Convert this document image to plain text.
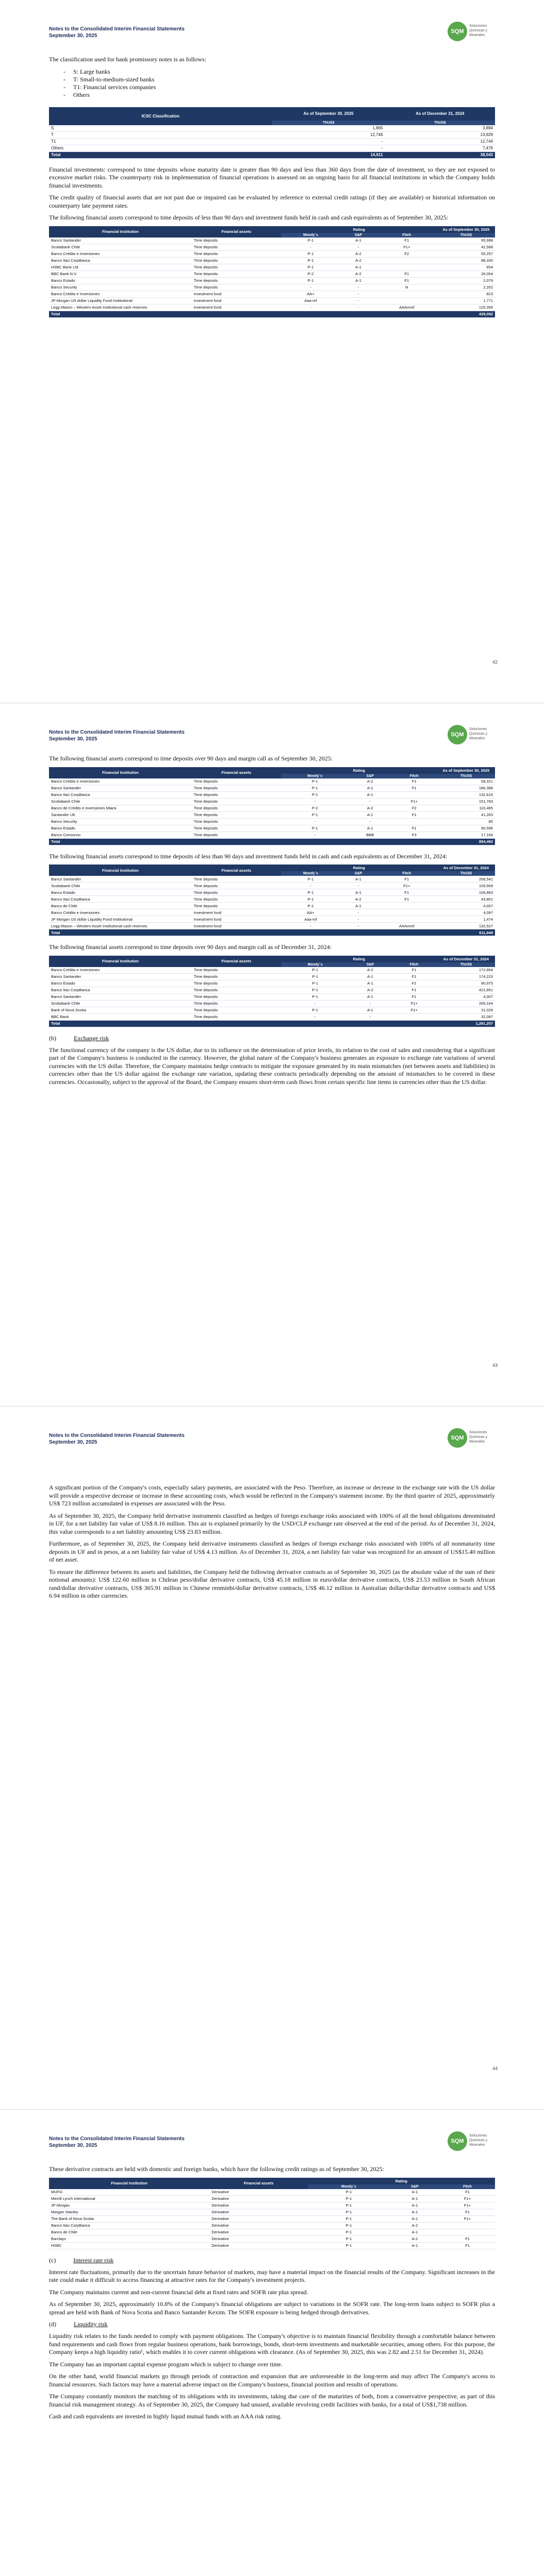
Notes to the Consolidated Interim Financial Statements
September 30, 2025
SQM
Soluciones Químicas y Minerales

The classification used for bank promissory notes is as follows:

- S: Large banks
- T: Small-to-medium-sized banks
- T1: Financial services companies
- Others
ICSC Classification	As of September 30, 2025	As of December 31, 2024
	ThUS$	ThUS$
S	1,865	3,894
T	12,746	13,929
T1	-	12,744
Others	-	7,476
Total	14,611	38,043

Financial investments: correspond to time deposits whose maturity date is greater than 90 days and less than 360 days from the date of investment, so they are not exposed to excessive market risks. The counterparty risk in implementation of financial operations is assessed on an ongoing basis for all financial institutions in which the Company holds financial investments.

The credit quality of financial assets that are not past due or impaired can be evaluated by reference to external credit ratings (if they are available) or historical information on counterparty late payment rates.

The following financial assets correspond to time deposits of less than 90 days and investment funds held in cash and cash equivalents as of September 30, 2025:

Financial Institution	Financial assets	Rating			As of September 30, 2025
		Moody´s	S&P	Fitch	ThUS$
Banco Santander	Time deposits	P-1	A-1	F1	95,998
Scotiabank Chile	Time deposits	-	-	F1+	42,568
Banco Crédito e Inversiones	Time deposits	P-1	A-2	F2	55,257
Banco Itaú CorpBanca	Time deposits	P-1	A-2		88,330
HSBC Bank Ltd.	Time deposits	P-1	A-1		654
BBC Bank N.V.	Time deposits	P-2	A-2	F1	26,054
Banco Estado	Time deposits	P-1	A-1	F1	2,079
Banco Security	Time deposits	-	-	N	2,202
Banco Crédito e Inversiones	Investment fund	AA+	-		823
JP Morgan US dollar Liquidity Fund Institutional	Investment fund	Aaa-mf	-		1,771
Legg Mason – Western Asset Institutional cash reserves	Investment fund	-	-	AAAmmf	125,356
Total					439,092
42
Notes to the Consolidated Interim Financial Statements
September 30, 2025
SQM
Soluciones Químicas y Minerales

The following financial assets correspond to time deposits over 90 days and margin call as of September 30, 2025:

Financial Institution	Financial assets	Rating			As of September 30, 2025
		Moody´s	S&P	Fitch	ThUS$
Banco Crédito e Inversiones	Time deposits	P-1	A-2	F1	58,321
Banco Santander	Time deposits	P-1	A-1	F1	186,388
Banco Itaú CorpBanca	Time deposits	P-1	A-1		132,616
Scotiabank Chile	Time deposits	-	-	F1+	151,783
Banco de Crédito e Inversiones Miami	Time deposits	P-2	A-2	F2	110,465
Santander UK	Time deposits	P-1	A-1	F1	41,263
Banco Security	Time deposits	-	-		80
Banco Estado	Time deposits	P-1	A-1	F1	90,596
Banco Consorcio	Time deposits	-	BBB	F3	17,164
Total					894,492

The following financial assets correspond to time deposits of less than 90 days and investment funds held in cash and cash equivalents as of December 31, 2024:

Financial Institution	Financial assets	Rating			As of December 31, 2024
		Moody´s	S&P	Fitch	ThUS$
Banco Santander	Time deposits	P-1	A-1	F1	206,541
Scotiabank Chile	Time deposits	-	-	F1+	109,569
Banco Estado	Time deposits	P-1	A-1	F1	109,883
Banco Itaú CorpBanca	Time deposits	P-1	A-2	F1	43,851
Banco de Chile	Time deposits	P-1	A-1		4,007
Banco Crédito e Inversiones	Investment fund	AA+	-		4,097
JP Morgan US dollar Liquidity Fund Institutional	Investment fund	Aaa-mf	-		1,474
Legg Mason – Western Asset Institutional cash reserves	Investment fund	-	-	AAAmmf	132,527
Total					611,949

The following financial assets correspond to time deposits over 90 days and margin call as of December 31, 2024:

Financial Institution	Financial assets	Rating			As of December 31, 2024
		Moody´s	S&P	Fitch	ThUS$
Banco Crédito e Inversiones	Time deposits	P-1	A-2	F1	172,664
Banco Santander	Time deposits	P-1	A-1	F1	174,223
Banco Estado	Time deposits	P-1	A-1	F2	90,975
Banco Itaú CorpBanca	Time deposits	P-1	A-2	F1	421,851
Banco Santander	Time deposits	P-1	A-1	F1	4,007
Scotiabank Chile	Time deposits	-	-	F1+	269,164
Bank of Nova Scotia	Time deposits	P-1	A-1	F1+	31,029
BBC Bank	Time deposits	-	-		32,087
Total					1,291,257
(b)	Exchange risk

The functional currency of the company is the US dollar, due to its influence on the determination of price levels, its relation to the cost of sales and considering that a significant part of the Company's business is conducted in the currency. However, the global nature of the Company's business generates an exposure to exchange rate variations of several currencies with the US dollar. Therefore, the Company maintains hedge contracts to mitigate the exposure generated by its main mismatches (net between assets and liabilities) in currencies other than the US dollar against the exchange rate variation, updating these contracts periodically depending on the amount of mismatches to be covered in these currencies. Occasionally, subject to the approval of the Board, the Company ensures short-term cash flows from certain specific line items in currencies other than the US dollar.

43
Notes to the Consolidated Interim Financial Statements
September 30, 2025
SQM
Soluciones Químicas y Minerales

A significant portion of the Company's costs, especially salary payments, are associated with the Peso. Therefore, an increase or decrease in the exchange rate with the US dollar will provide a respective decrease or increase in these accounting costs, which would be reflected in the Company's statement income. By the third quarter of 2025, approximately US$ 723 million accumulated in expenses are associated with the Peso.

As of September 30, 2025, the Company held derivative instruments classified as hedges of foreign exchange risks associated with 100% of all the bond obligations denominated in UF, for a net liability fair value of US$ 8.16 million. This air is explained primarily by the USD/CLP exchange rate observed at the end of the period. As of December 31, 2024, this value corresponds to a net liability amounting US$ 23.83 million.

Furthermore, as of September 30, 2025, the Company held derivative instruments classified as hedges of foreign exchange risks associated with 100% of all nonmaturity time deposits in UF and in pesos, at a net liability fair value of US$ 4.13 million. As of December 31, 2024, a net liability fair value was recognized for an amount of US$15.40 million of net asset.

To ensure the difference between its assets and liabilities, the Company held the following derivative contracts as of September 30, 2025 (as the absolute value of the sum of their notional amounts): US$ 122.60 million in Chilean peso/dollar derivative contracts, US$ 45.18 million in euro/dollar derivative contracts, US$ 23.53 million in South African rand/dollar derivative contracts, US$ 365.91 million in Chinese renminbi/dollar derivative contracts, US$ 46.12 million in Australian dollar/dollar derivative contracts and US$ 6.94 million in other currencies.

44
Notes to the Consolidated Interim Financial Statements
September 30, 2025
SQM
Soluciones Químicas y Minerales

These derivative contracts are held with domestic and foreign banks, which have the following credit ratings as of September 30, 2025:

Financial Institution	Financial assets	Rating		
		Moody´s	S&P	Fitch
MUFG	Derivative	P-1	A-1	F1
Merrill Lynch International	Derivative	P-1	A-1	F1+
JP Morgan	Derivative	P-1	A-1	F1+
Morgan Stanley	Derivative	P-1	A-1	F1
The Bank of Nova Scotia	Derivative	P-1	A-1	F1+
Banco Itaú CorpBanca	Derivative	P-1	A-2	
Banco de Chile	Derivative	P-1	A-1	
Barclays	Derivative	P-1	A-2	F1
HSBC	Derivative	P-1	A-1	F1
(c)	Interest rate risk

Interest rate fluctuations, primarily due to the uncertain future behavior of markets, may have a material impact on the financial results of the Company. Significant increases in the rate could make it difficult to access financing at attractive rates for the Company's investment projects.

The Company maintains current and non-current financial debt at fixed rates and SOFR rate plus spread.

As of September 30, 2025, approximately 10.8% of the Company's financial obligations are subject to variations in the SOFR rate. The long-term loans subject to SOFR plus a spread are held with Bank of Nova Scotia and Banco Santander Kexim. The SOFR exposure is being hedged through derivatives.

(d)	Liquidity risk

Liquidity risk relates to the funds needed to comply with payment obligations. The Company's objective is to maintain financial flexibility through a comfortable balance between fund requirements and cash flows from regular business operations, bank borrowings, bonds, short-term investments and marketable securities, among others. For this purpose, the Company keeps a high liquidity ratio¹, which enables it to cover current obligations with clearance. (As of September 30, 2025, this was 2.82 and 2.51 for December 31, 2024).

The Company has an important capital expense program which is subject to change over time.

On the other hand, world financial markets go through periods of contraction and expansion that are unforeseeable in the long-term and may affect The Company's access to financial resources. Such factors may have a material adverse impact on the Company's business, financial position and results of operations.

The Company constantly monitors the matching of its obligations with its investments, taking due care of the maturities of both, from a conservative perspective, as part of this financial risk management strategy. As of September 30, 2025, the Company had unused, available revolving credit facilities with banks, for a total of US$1,738 million.

Cash and cash equivalents are invested in highly liquid mutual funds with an AAA risk rating.
